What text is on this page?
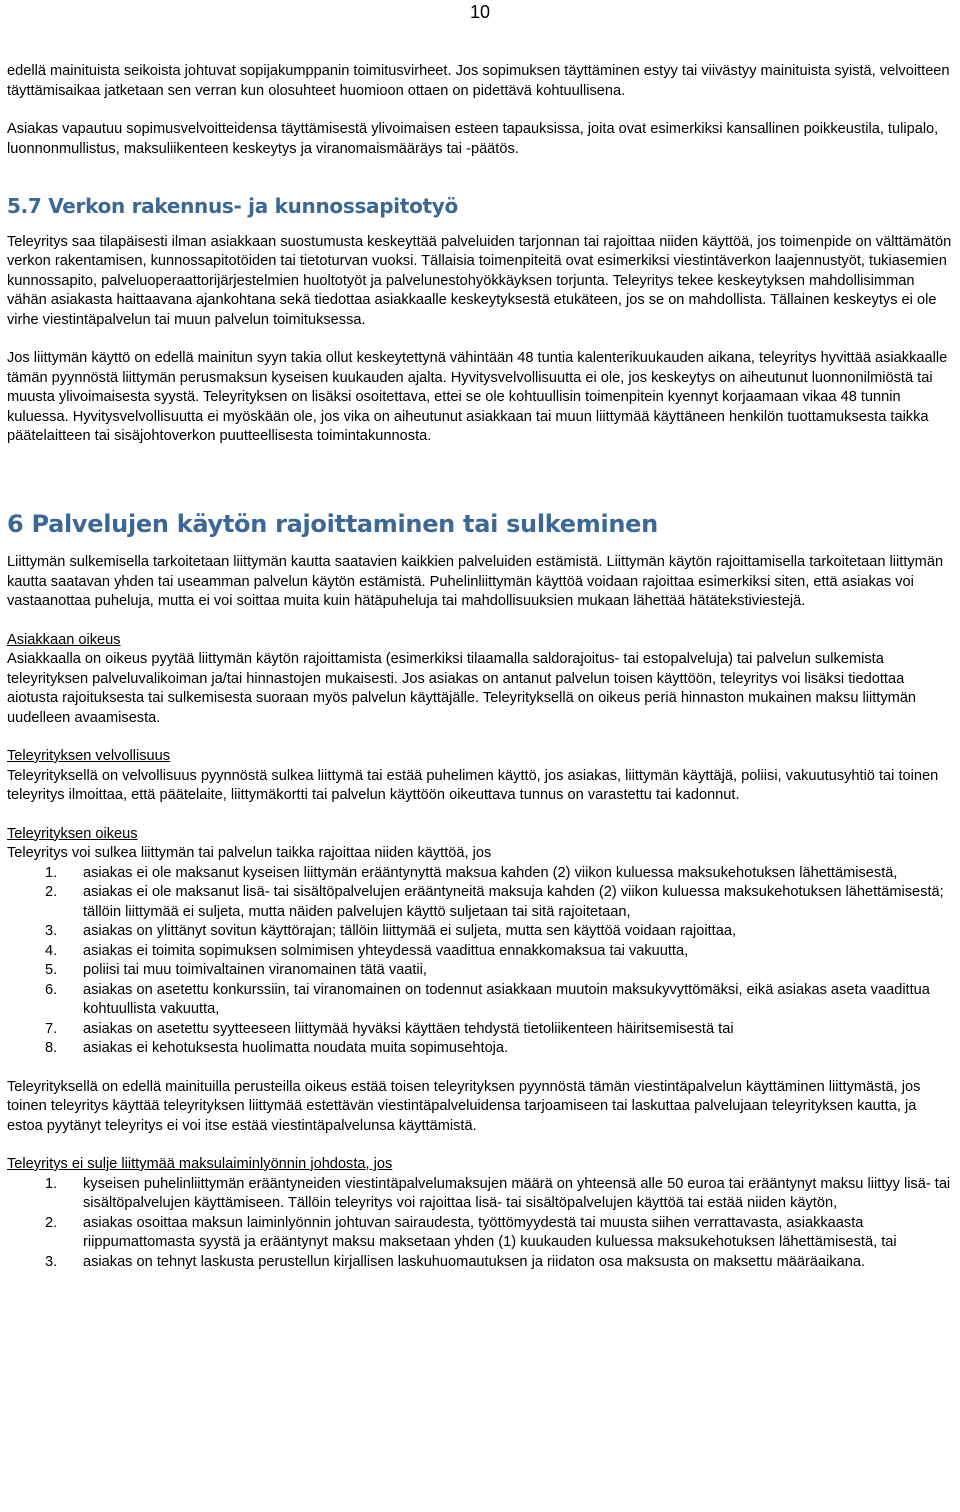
10

edellä mainituista seikoista johtuvat sopijakumppanin toimitusvirheet. Jos sopimuksen täyttäminen estyy tai viivästyy mainituista syistä, velvoitteen täyttämisaikaa jatketaan sen verran kun olosuhteet huomioon ottaen on pidettävä kohtuullisena.

Asiakas vapautuu sopimusvelvoitteidensa täyttämisestä ylivoimaisen esteen tapauksissa, joita ovat esimerkiksi kansallinen poikkeustila, tulipalo, luonnonmullistus, maksuliikenteen keskeytys ja viranomaismääräys tai -päätös.

5.7 Verkon rakennus- ja kunnossapitotyö

Teleyritys saa tilapäisesti ilman asiakkaan suostumusta keskeyttää palveluiden tarjonnan tai rajoittaa niiden käyttöä, jos toimenpide on välttämätön verkon rakentamisen, kunnossapitotöiden tai tietoturvan vuoksi. Tällaisia toimenpiteitä ovat esimerkiksi viestintäverkon laajennustyöt, tukiasemien kunnossapito, palveluoperaattorijärjestelmien huoltotyöt ja palvelunestohyökkäyksen torjunta. Teleyritys tekee keskeytyksen mahdollisimman vähän asiakasta haittaavana ajankohtana sekä tiedottaa asiakkaalle keskeytyksestä etukäteen, jos se on mahdollista. Tällainen keskeytys ei ole virhe viestintäpalvelun tai muun palvelun toimituksessa.

Jos liittymän käyttö on edellä mainitun syyn takia ollut keskeytettynä vähintään 48 tuntia kalenterikuukauden aikana, teleyritys hyvittää asiakkaalle tämän pyynnöstä liittymän perusmaksun kyseisen kuukauden ajalta. Hyvitysvelvollisuutta ei ole, jos keskeytys on aiheutunut luonnonilmiöstä tai muusta ylivoimaisesta syystä. Teleyrityksen on lisäksi osoitettava, ettei se ole kohtuullisin toimenpitein kyennyt korjaamaan vikaa 48 tunnin kuluessa. Hyvitysvelvollisuutta ei myöskään ole, jos vika on aiheutunut asiakkaan tai muun liittymää käyttäneen henkilön tuottamuksesta taikka päätelaitteen tai sisäjohtoverkon puutteellisesta toimintakunnosta.

6 Palvelujen käytön rajoittaminen tai sulkeminen

Liittymän sulkemisella tarkoitetaan liittymän kautta saatavien kaikkien palveluiden estämistä. Liittymän käytön rajoittamisella tarkoitetaan liittymän kautta saatavan yhden tai useamman palvelun käytön estämistä. Puhelinliittymän käyttöä voidaan rajoittaa esimerkiksi siten, että asiakas voi vastaanottaa puheluja, mutta ei voi soittaa muita kuin hätäpuheluja tai mahdollisuuksien mukaan lähettää hätätekstiviestejä.

Asiakkaan oikeus

Asiakkaalla on oikeus pyytää liittymän käytön rajoittamista (esimerkiksi tilaamalla saldorajoitus- tai estopalveluja) tai palvelun sulkemista teleyrityksen palveluvalikoiman ja/tai hinnastojen mukaisesti. Jos asiakas on antanut palvelun toisen käyttöön, teleyritys voi lisäksi tiedottaa aiotusta rajoituksesta tai sulkemisesta suoraan myös palvelun käyttäjälle. Teleyrityksellä on oikeus periä hinnaston mukainen maksu liittymän uudelleen avaamisesta.

Teleyrityksen velvollisuus

Teleyrityksellä on velvollisuus pyynnöstä sulkea liittymä tai estää puhelimen käyttö, jos asiakas, liittymän käyttäjä, poliisi, vakuutusyhtiö tai toinen teleyritys ilmoittaa, että päätelaite, liittymäkortti tai palvelun käyttöön oikeuttava tunnus on varastettu tai kadonnut.

Teleyrityksen oikeus

Teleyritys voi sulkea liittymän tai palvelun taikka rajoittaa niiden käyttöä, jos

1. asiakas ei ole maksanut kyseisen liittymän erääntynyttä maksua kahden (2) viikon kuluessa maksukehotuksen lähettämisestä,
2. asiakas ei ole maksanut lisä- tai sisältöpalvelujen erääntyneitä maksuja kahden (2) viikon kuluessa maksukehotuksen lähettämisestä; tällöin liittymää ei suljeta, mutta näiden palvelujen käyttö suljetaan tai sitä rajoitetaan,
3. asiakas on ylittänyt sovitun käyttörajan; tällöin liittymää ei suljeta, mutta sen käyttöä voidaan rajoittaa,
4. asiakas ei toimita sopimuksen solmimisen yhteydessä vaadittua ennakkomaksua tai vakuutta,
5. poliisi tai muu toimivaltainen viranomainen tätä vaatii,
6. asiakas on asetettu konkurssiin, tai viranomainen on todennut asiakkaan muutoin maksukyvyttömäksi, eikä asiakas aseta vaadittua kohtuullista vakuutta,
7. asiakas on asetettu syytteeseen liittymää hyväksi käyttäen tehdystä tietoliikenteen häiritsemisestä tai
8. asiakas ei kehotuksesta huolimatta noudata muita sopimusehtoja.

Teleyrityksellä on edellä mainituilla perusteilla oikeus estää toisen teleyrityksen pyynnöstä tämän viestintäpalvelun käyttäminen liittymästä, jos toinen teleyritys käyttää teleyrityksen liittymää estettävän viestintäpalveluidensa tarjoamiseen tai laskuttaa palvelujaan teleyrityksen kautta, ja estoa pyytänyt teleyritys ei voi itse estää viestintäpalvelunsa käyttämistä.

Teleyritys ei sulje liittymää maksulaiminlyönnin johdosta, jos

1. kyseisen puhelinliittymän erääntyneiden viestintäpalvelumaksujen määrä on yhteensä alle 50 euroa tai erääntynyt maksu liittyy lisä- tai sisältöpalvelujen käyttämiseen. Tällöin teleyritys voi rajoittaa lisä- tai sisältöpalvelujen käyttöä tai estää niiden käytön,
2. asiakas osoittaa maksun laiminlyönnin johtuvan sairaudesta, työttömyydestä tai muusta siihen verrattavasta, asiakkaasta riippumattomasta syystä ja erääntynyt maksu maksetaan yhden (1) kuukauden kuluessa maksukehotuksen lähettämisestä, tai
3. asiakas on tehnyt laskusta perustellun kirjallisen laskuhuomautuksen ja riidaton osa maksusta on maksettu määräaikana.
